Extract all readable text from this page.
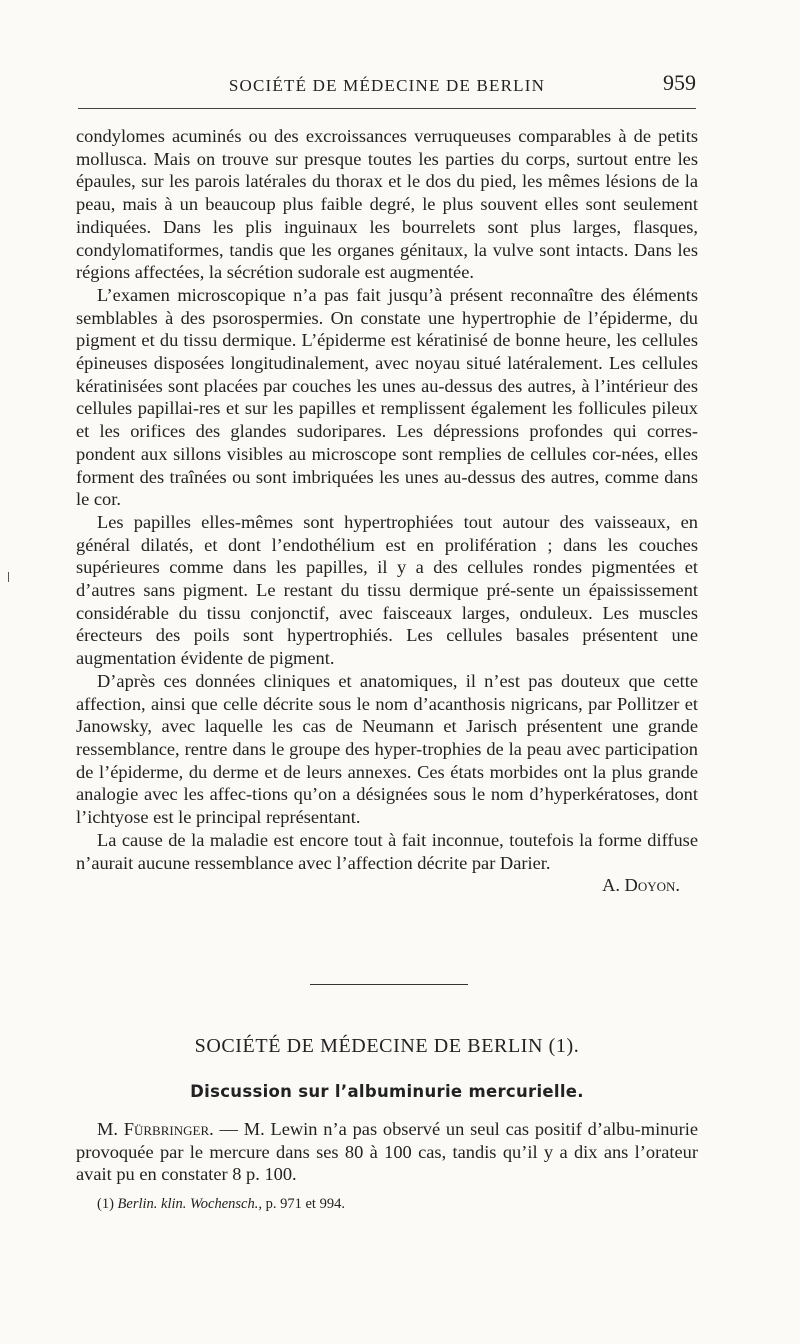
SOCIÉTÉ DE MÉDECINE DE BERLIN	959

condylomes acuminés ou des excroissances verruqueuses comparables à de petits mollusca. Mais on trouve sur presque toutes les parties du corps, surtout entre les épaules, sur les parois latérales du thorax et le dos du pied, les mêmes lésions de la peau, mais à un beaucoup plus faible degré, le plus souvent elles sont seulement indiquées. Dans les plis inguinaux les bourrelets sont plus larges, flasques, condylomatiformes, tandis que les organes génitaux, la vulve sont intacts. Dans les régions affectées, la sécrétion sudorale est augmentée.

L’examen microscopique n’a pas fait jusqu’à présent reconnaître des éléments semblables à des psorospermies. On constate une hypertrophie de l’épiderme, du pigment et du tissu dermique. L’épiderme est kératinisé de bonne heure, les cellules épineuses disposées longitudinalement, avec noyau situé latéralement. Les cellules kératinisées sont placées par couches les unes au-dessus des autres, à l’intérieur des cellules papillai-res et sur les papilles et remplissent également les follicules pileux et les orifices des glandes sudoripares. Les dépressions profondes qui corres-pondent aux sillons visibles au microscope sont remplies de cellules cor-nées, elles forment des traînées ou sont imbriquées les unes au-dessus des autres, comme dans le cor.

Les papilles elles-mêmes sont hypertrophiées tout autour des vaisseaux, en général dilatés, et dont l’endothélium est en prolifération ; dans les couches supérieures comme dans les papilles, il y a des cellules rondes pigmentées et d’autres sans pigment. Le restant du tissu dermique pré-sente un épaississement considérable du tissu conjonctif, avec faisceaux larges, onduleux. Les muscles érecteurs des poils sont hypertrophiés. Les cellules basales présentent une augmentation évidente de pigment.

D’après ces données cliniques et anatomiques, il n’est pas douteux que cette affection, ainsi que celle décrite sous le nom d’acanthosis nigricans, par Pollitzer et Janowsky, avec laquelle les cas de Neumann et Jarisch présentent une grande ressemblance, rentre dans le groupe des hyper-trophies de la peau avec participation de l’épiderme, du derme et de leurs annexes. Ces états morbides ont la plus grande analogie avec les affec-tions qu’on a désignées sous le nom d’hyperkératoses, dont l’ichtyose est le principal représentant.

La cause de la maladie est encore tout à fait inconnue, toutefois la forme diffuse n’aurait aucune ressemblance avec l’affection décrite par Darier.

A. Doyon.

SOCIÉTÉ DE MÉDECINE DE BERLIN (1).
Discussion sur l’albuminurie mercurielle.

M. Fürbringer. — M. Lewin n’a pas observé un seul cas positif d’albu-minurie provoquée par le mercure dans ses 80 à 100 cas, tandis qu’il y a dix ans l’orateur avait pu en constater 8 p. 100.

(1) Berlin. klin. Wochensch., p. 971 et 994.
